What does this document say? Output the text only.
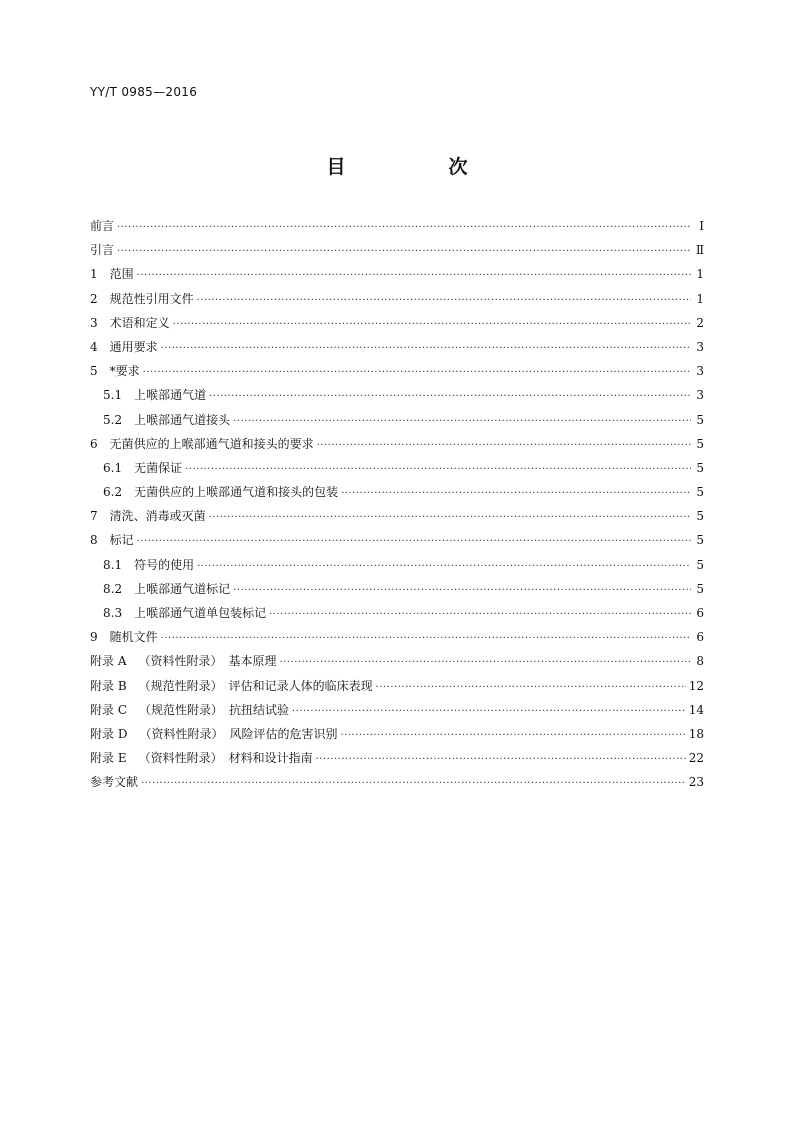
YY/T 0985—2016
目　次
前言 ·····	Ⅰ
引言 ·····	Ⅱ
1 范围 ·····	1
2 规范性引用文件 ·····	1
3 术语和定义 ·····	2
4 通用要求 ·····	3
5 *要求 ·····	3
5.1 上喉部通气道 ·····	3
5.2 上喉部通气道接头 ·····	5
6 无菌供应的上喉部通气道和接头的要求 ·····	5
6.1 无菌保证 ·····	5
6.2 无菌供应的上喉部通气道和接头的包装 ·····	5
7 清洗、消毒或灭菌 ·····	5
8 标记 ·····	5
8.1 符号的使用 ·····	5
8.2 上喉部通气道标记 ·····	5
8.3 上喉部通气道单包装标记 ·····	6
9 随机文件 ·····	6
附录 A （资料性附录）　基本原理 ·····	8
附录 B （规范性附录）　评估和记录人体的临床表现 ·····	12
附录 C （规范性附录）　抗扭结试验 ·····	14
附录 D （资料性附录）　风险评估的危害识别 ·····	18
附录 E （资料性附录）　材料和设计指南 ·····	22
参考文献 ·····	23
